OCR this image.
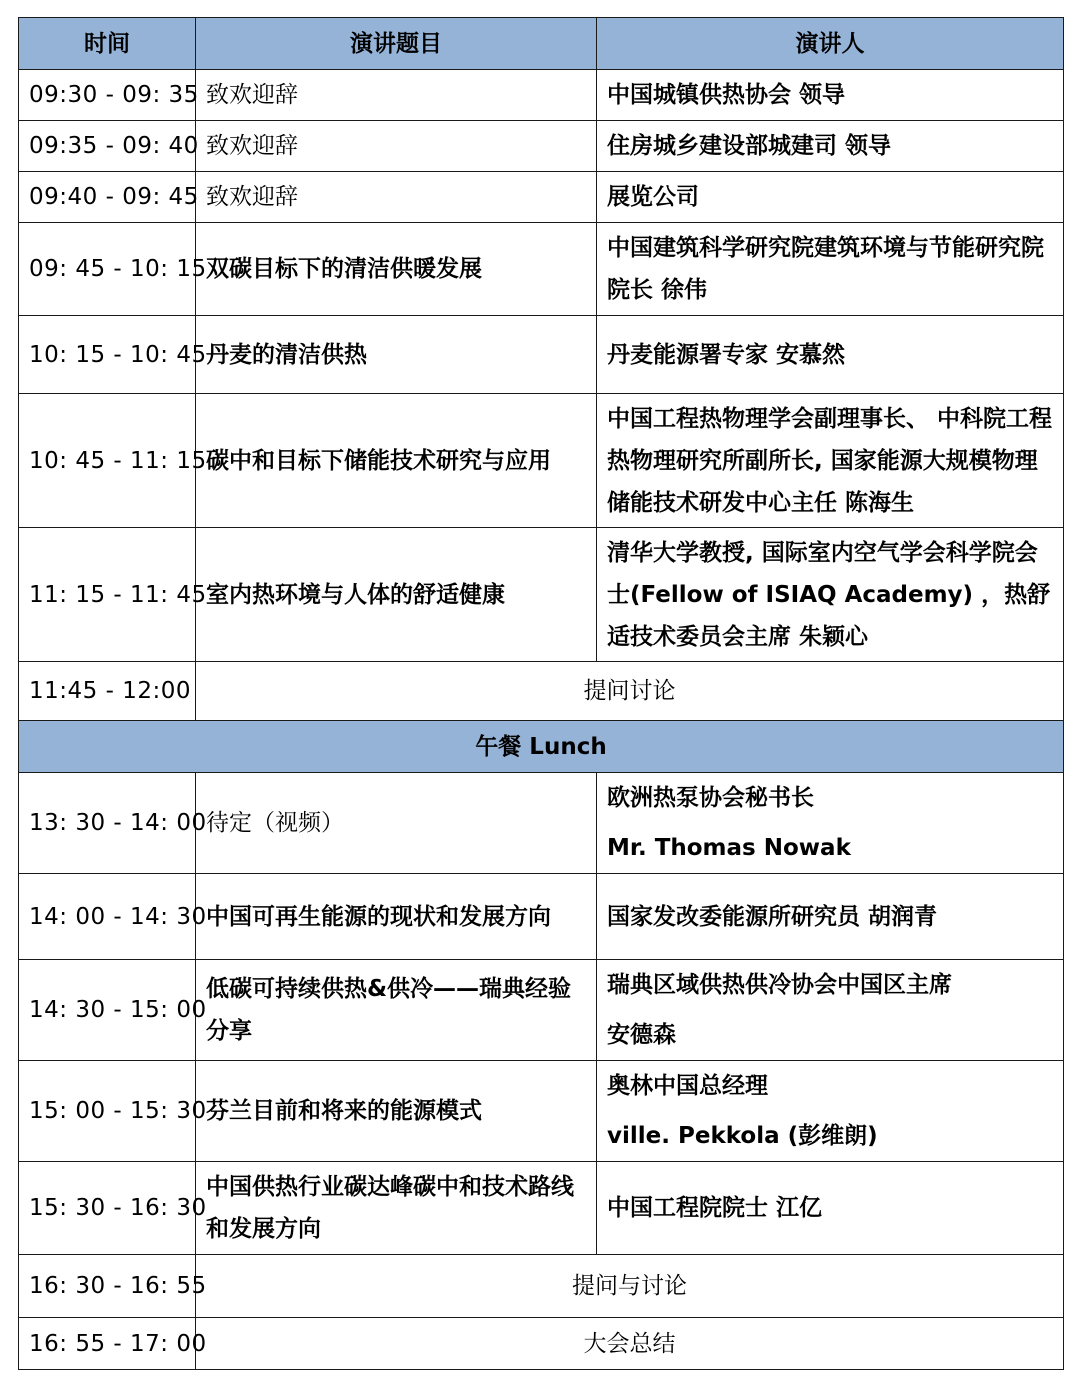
时间	演讲题目	演讲人
09:30 - 09: 35	致欢迎辞	中国城镇供热协会 领导
09:35 - 09: 40	致欢迎辞	住房城乡建设部城建司 领导
09:40 - 09: 45	致欢迎辞	展览公司
09: 45 - 10: 15	双碳目标下的清洁供暖发展	中国建筑科学研究院建筑环境与节能研究院院长 徐伟
10: 15 - 10: 45	丹麦的清洁供热	丹麦能源署专家 安慕然
10: 45 - 11: 15	碳中和目标下储能技术研究与应用	中国工程热物理学会副理事长、 中科院工程热物理研究所副所长, 国家能源大规模物理储能技术研发中心主任 陈海生
11: 15 - 11: 45	室内热环境与人体的舒适健康	清华大学教授, 国际室内空气学会科学院会士(Fellow of ISIAQ Academy) ，热舒适技术委员会主席 朱颖心
11:45 - 12:00	提问讨论	
午餐 Lunch		
13: 30 - 14: 00	待定（视频）	欧洲热泵协会秘书长
Mr. Thomas Nowak

14: 00 - 14: 30	中国可再生能源的现状和发展方向	国家发改委能源所研究员 胡润青
14: 30 - 15: 00	低碳可持续供热&供冷——瑞典经验分享	瑞典区域供热供冷协会中国区主席
安德森

15: 00 - 15: 30	芬兰目前和将来的能源模式	奥林中国总经理
ville. Pekkola (彭维朗)

15: 30 - 16: 30	中国供热行业碳达峰碳中和技术路线和发展方向	中国工程院院士 江亿
16: 30 - 16: 55	提问与讨论	
16: 55 - 17: 00	大会总结	
